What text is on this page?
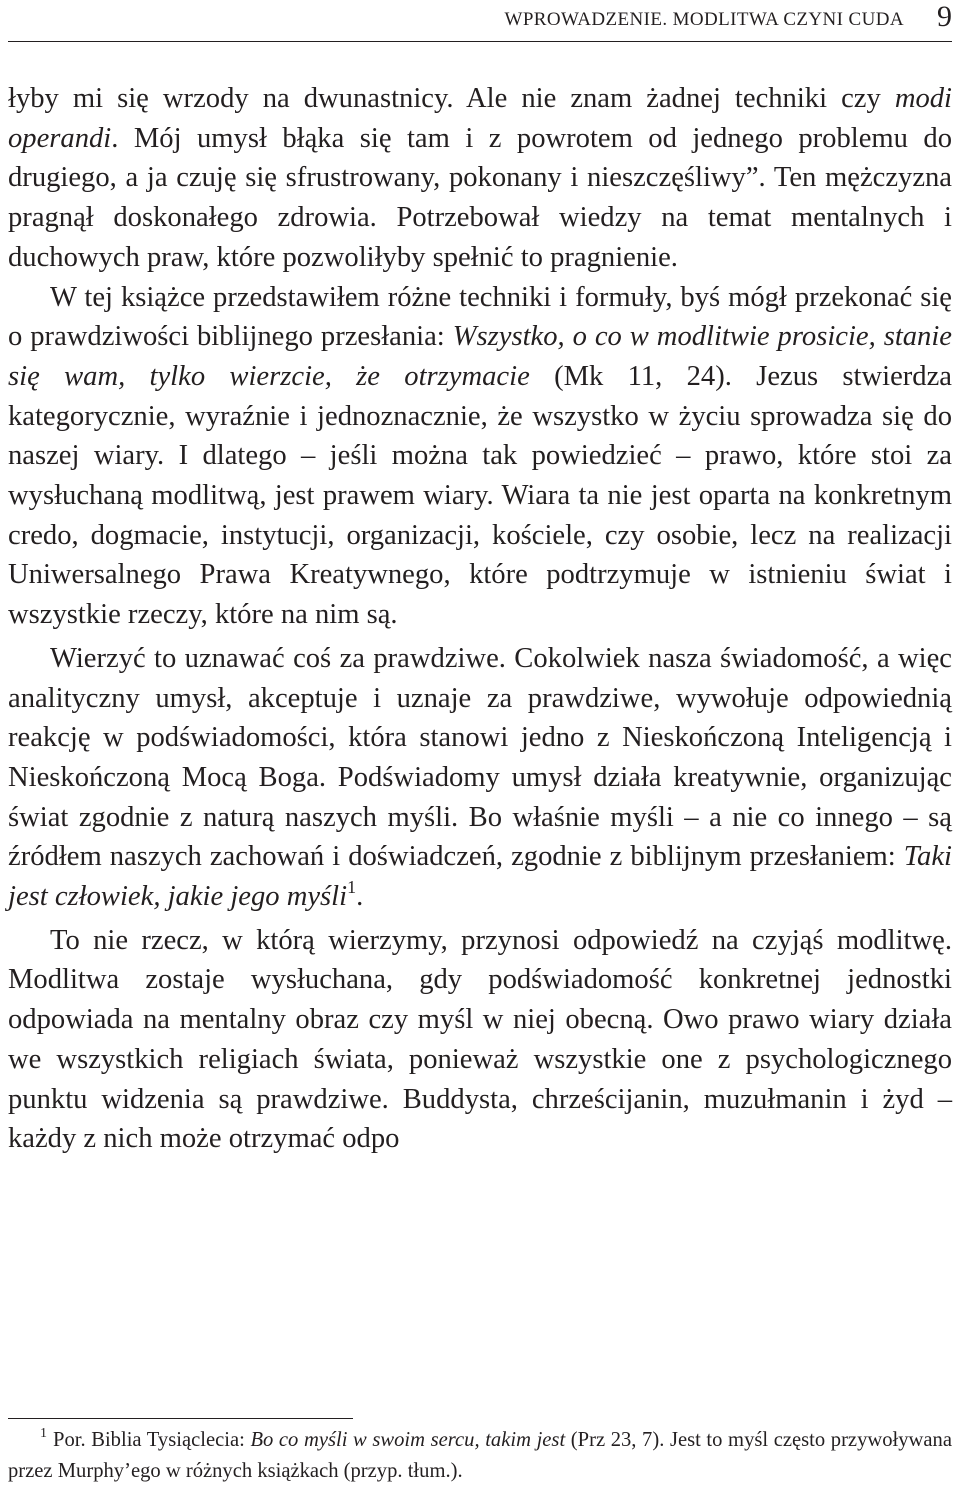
WPROWADZENIE. MODLITWA CZYNI CUDA 9

łyby mi się wrzody na dwunastnicy. Ale nie znam żadnej techniki czy modi operandi. Mój umysł błąka się tam i z powrotem od jednego problemu do drugiego, a ja czuję się sfrustrowany, pokonany i nieszczęśliwy”. Ten mężczyzna pragnął doskonałego zdrowia. Potrzebował wiedzy na temat mentalnych i duchowych praw, które pozwoliłyby spełnić to pragnienie.

W tej książce przedstawiłem różne techniki i formuły, byś mógł przekonać się o prawdziwości biblijnego przesłania: Wszystko, o co w modlitwie prosicie, stanie się wam, tylko wierzcie, że otrzymacie (Mk 11, 24). Jezus stwierdza kategorycznie, wyraźnie i jednoznacznie, że wszystko w życiu sprowadza się do naszej wiary. I dlatego – jeśli można tak powiedzieć – prawo, które stoi za wysłuchaną modlitwą, jest prawem wiary. Wiara ta nie jest oparta na konkretnym credo, dogmacie, instytucji, organizacji, kościele, czy osobie, lecz na realizacji Uniwersalnego Prawa Kreatywnego, które podtrzymuje w istnieniu świat i wszystkie rzeczy, które na nim są.

Wierzyć to uznawać coś za prawdziwe. Cokolwiek nasza świadomość, a więc analityczny umysł, akceptuje i uznaje za prawdziwe, wywołuje odpowiednią reakcję w podświadomości, która stanowi jedno z Nieskończoną Inteligencją i Nieskończoną Mocą Boga. Podświadomy umysł działa kreatywnie, organizując świat zgodnie z naturą naszych myśli. Bo właśnie myśli – a nie co innego – są źródłem naszych zachowań i doświadczeń, zgodnie z biblijnym przesłaniem: Taki jest człowiek, jakie jego myśli$^1$.

To nie rzecz, w którą wierzymy, przynosi odpowiedź na czyjąś modlitwę. Modlitwa zostaje wysłuchana, gdy podświadomość konkretnej jednostki odpowiada na mentalny obraz czy myśl w niej obecną. Owo prawo wiary działa we wszystkich religiach świata, ponieważ wszystkie one z psychologicznego punktu widzenia są prawdziwe. Buddysta, chrześcijanin, muzułmanin i żyd – każdy z nich może otrzymać odpo

$^1$ Por. Biblia Tysiąclecia: Bo co myśli w swoim sercu, takim jest (Prz 23, 7). Jest to myśl często przywoływana przez Murphy’ego w różnych książkach (przyp. tłum.).
